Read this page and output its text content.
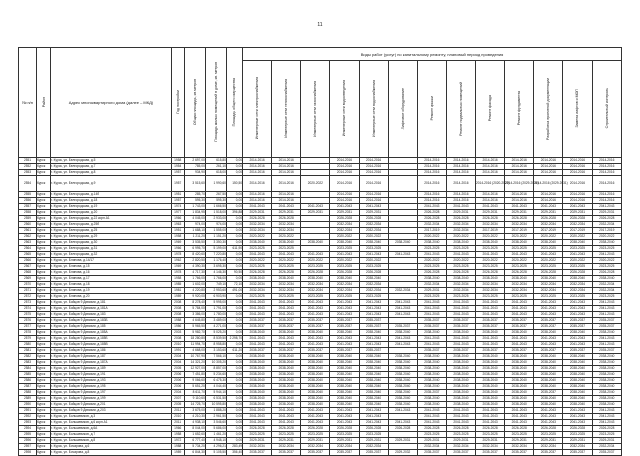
11
№ п/п	Район	Адрес многоквартирного дома (далее – МКД)	Год постройки	Общая площадь, кв.метров	Площадь жилых помещений в доме, кв. метров	Площадь общего имущества	Виды работ (услуг) по капитальному ремонту, плановый период проведения												
							Инженерные сети электроснабжения	Инженерные сети теплоснабжения	Инженерные сети газоснабжения	Инженерные сети водоотведения	Инженерные сети водоснабжения	Лифтовое оборудование	Ремонт крыши	Ремонт подвальных помещений	Ремонт фасада	Ремонт фундамента	Разработка проектной документации	Замена лифтов и МОП	Строительный контроль
2551	Курск	г. Курск, ул. Белгородская, д.5	1958	2 697,00	615,80	0,00	2014-2016	2014-2016		2014-2016	2014-2016		2014-2016	2014-2016	2014-2016	2014-2016	2014-2016	2014-2016	2014-2016
2552	Курск	г. Курск, ул. Белгородская, д.7	1954	785,00	261,10	0,00	2014-2016	2014-2016		2014-2016	2014-2016		2014-2016	2014-2016	2014-2016	2014-2016	2014-2016	2014-2016	2014-2016
2553	Курск	г. Курск, ул. Белгородская, д.8	1957	934,90	618,00	0,00	2014-2016	2014-2016		2014-2016	2014-2016		2014-2016	2014-2016	2014-2016	2014-2016	2014-2016	2014-2016	2014-2016
2554	Курск	г. Курск, ул. Белгородская, д.9	1957	3 515,60	1 990,60	150,50	2014-2016	2014-2016	2020-2022	2014-2016	2014-2016		2014-2016	2014-2016	2014-2016 (2020-2022)	2014-2016 (2029-2031)	2014-2016 (2029-2031)	2014-2016	2014-2016
2555	Курск	г. Курск, ул. Белгородская, д.14б	1951	285,70	267,50	0,00	2014-2016	2014-2016		2014-2016	2014-2016		2014-2016	2014-2016	2014-2016	2014-2016	2014-2016	2014-2016	2014-2016
2556	Курск	г. Курск, ул. Белгородская, д.18	1957	595,30	595,30	0,00	2014-2016	2014-2016		2014-2016	2014-2016		2014-2016	2014-2016	2014-2016	2014-2016	2014-2016	2014-2016	2014-2016
2557	Курск	г. Курск, ул. Белгородская, д.19	1974	1 743,00	1 666,50	0,00	2041-2043	2041-2043	2041-2043	2041-2043	2041-2043		2041-2043	2041-2043	2041-2043	2041-2043	2041-2043	2041-2043	2041-2043
2558	Курск	г. Курск, ул. Белгородская, д.20	1977	1 834,95	1 518,00	396,88	2029-2031	2029-2031	2029-2031	2029-2031	2029-2031		2026-2028	2029-2031	2029-2031	2029-2031	2029-2031	2029-2031	2029-2031
2559	Курск	г. Курск, ул. Белгородская, д.22 корп.А1	1966	4 045,00	2 933,00	0,00	2026-2028	2026-2028		2026-2028	2026-2028		2026-2028	2026-2028	2026-2028	2026-2028	2026-2028	2026-2028	2026-2028
2560	Курск	г. Курск, ул. Белгородская, д.25б	1963	974,00	974,00	0,00	2032-2034	2032-2034		2032-2034	2032-2034		2032-2034	2032-2034	2032-2034	2032-2034	2032-2034	2032-2034	2032-2034
2561	Курск	г. Курск, ул. Белгородская, д.25	1951	1 688,10	1 555,00	0,00	2032-2034	2032-2034		2032-2034	2032-2034		2017-2019	2032-2034	2017-2019	2017-2019	2017-2019	2017-2019	2017-2019
2562	Курск	г. Курск, ул. Белгородская, д.29	1958	1 211,20	1 151,20	0,00	2020-2022	2020-2022		2020-2022	2020-2022		2020-2022	2020-2022	2020-2022	2020-2022	2020-2022	2020-2022	2020-2022
2563	Курск	г. Курск, ул. Белгородская, д.30	1969	3 535,50	3 350,30	0,00	2038-2040	2038-2040	2038-2040	2038-2040	2038-2040	2038-2040	2038-2040	2038-2040	2038-2040	2038-2040	2038-2040	2038-2040	2038-2040
2564	Курск	г. Курск, ул. Белгородская, д.31	1966	6 995,70	5 199,00	611,90	2023-2025	2023-2025		2023-2025	2023-2025		2023-2025	2023-2025	2023-2025	2023-2025	2023-2025	2023-2025	2023-2025
2565	Курск	г. Курск, ул. Белгородская, д.32	1978	8 420,60	7 220,80	0,00	2041-2043	2041-2043	2041-2043	2041-2043	2041-2043	2041-2043	2041-2043	2041-2043	2041-2043	2041-2043	2041-2043	2041-2043	2041-2043
2566	Курск	г. Курск, ул. Блинова, д.14/17	1962	2 820,50	1 176,40	0,00	2020-2022	2020-2022	2020-2022	2020-2022	2020-2022		2020-2022	2020-2022	2020-2022	2020-2022	2020-2022	2020-2022	2020-2022
2567	Курск	г. Курск, ул. Блинова, д.15	1969	4 390,30	3 695,30	0,00	2023-2025	2023-2025	2023-2025	2023-2025	2023-2025		2023-2025	2023-2025	2023-2025	2023-2025	2023-2025	2023-2025	2023-2025
2568	Курск	г. Курск, ул. Блинова, д.16	1978	4 717,30	4 146,30	90,50	2026-2028	2026-2028	2026-2028	2026-2028	2026-2028		2026-2028	2026-2028	2026-2028	2026-2028	2026-2028	2026-2028	2026-2028
2569	Курск	г. Курск, ул. Блинова, д.17	1958	1 766,00	1 766,00	0,00	2038-2040	2038-2040	2038-2040	2038-2040	2038-2040		2038-2040	2038-2040	2038-2040	2038-2040	2038-2040	2038-2040	2038-2040
2570	Курск	г. Курск, ул. Блинова, д.18	1985	1 602,00	749,10	72,10	2032-2034	2032-2034	2032-2034	2032-2034	2032-2034		2032-2034	2032-2034	2032-2034	2032-2034	2032-2034	2032-2034	2032-2034
2571	Курск	г. Курск, ул. Блинова, д.19	1981	4 220,80	2 953,60	491,00	2032-2034	2032-2034	2032-2034	2032-2034	2032-2034	2032-2034	2029-2031	2032-2034	2032-2034	2032-2034	2032-2034	2032-2034	2032-2034
2572	Курск	г. Курск, ул. Блинова, д.20	1989	9 920,00	6 903,90	0,00	2023-2025	2023-2025	2023-2025	2023-2025	2023-2025		2023-2025	2023-2025	2023-2025	2023-2025	2023-2025	2023-2025	2023-2025
2573	Курск	г. Курск, ул. Бойцов 9 Дивизии, д.181	2008	8 278,40	5 995,00	0,00	2041-2043	2041-2043	2041-2043	2041-2043	2041-2043	2041-2043	2041-2043	2041-2043	2041-2043	2041-2043	2041-2043	2041-2043	2041-2043
2574	Курск	г. Курск, ул. Бойцов 9 Дивизии, д.181А	2008	5 784,00	1 791,00	0,00	2041-2043	2041-2043	2041-2043	2041-2043	2041-2043	2041-2043	2041-2043	2041-2043	2041-2043	2041-2043	2041-2043	2041-2043	2041-2043
2575	Курск	г. Курск, ул. Бойцов 9 Дивизии, д.183	2008	3 386,00	1 780,00	0,00	2041-2043	2041-2043	2041-2043	2041-2043	2041-2043	2041-2043	2041-2043	2041-2043	2041-2043	2041-2043	2041-2043	2041-2043	2041-2043
2576	Курск	г. Курск, ул. Бойцов 9 Дивизии, д.183Б	1988	4 645,80	3 489,00	0,00	2035-2037	2035-2037	2035-2037	2035-2037	2035-2037		2035-2037	2035-2037	2035-2037	2035-2037	2035-2037	2035-2037	2035-2037
2577	Курск	г. Курск, ул. Бойцов 9 Дивизии, д.185	1986	5 965,50	4 271,00	0,00	2035-2037	2035-2037	2035-2037	2035-2037	2035-2037	2035-2037	2035-2037	2035-2037	2035-2037	2035-2037	2035-2037	2035-2037	2035-2037
2578	Курск	г. Курск, ул. Бойцов 9 Дивизии, д.185А	2003	5 982,70	5 025,20	0,00	2038-2040	2038-2040	2038-2040	2038-2040	2038-2040	2038-2040	2038-2040	2038-2040	2038-2040	2038-2040	2038-2040	2038-2040	2038-2040
2579	Курск	г. Курск, ул. Бойцов 9 Дивизии, д.185Б	2008	18 280,80	8 539,50	2 298,70	2041-2043	2041-2043	2041-2043	2041-2043	2041-2043	2041-2043	2041-2043	2041-2043	2041-2043	2041-2043	2041-2043	2041-2043	2041-2043
2580	Курск	г. Курск, ул. Бойцов 9 Дивизии, д.185В	2010	11 994,70	8 958,80	0,00	2041-2043	2041-2043	2041-2043	2041-2043	2041-2043	2041-2043	2041-2043	2041-2043	2041-2043	2041-2043	2041-2043	2041-2043	2041-2043
2581	Курск	г. Курск, ул. Бойцов 9 Дивизии, д.186	1991	4 668,00	3 153,60	611,20	2035-2037	2035-2037	2035-2037	2035-2037	2035-2037		2035-2037	2035-2037	2035-2037	2035-2037	2035-2037	2035-2037	2035-2037
2582	Курск	г. Курск, ул. Бойцов 9 Дивизии, д.187	2004	10 767,90	7 566,10	0,00	2038-2040	2038-2040	2038-2040	2038-2040	2038-2040	2038-2040	2038-2040	2038-2040	2038-2040	2038-2040	2038-2040	2038-2040	2038-2040
2583	Курск	г. Курск, ул. Бойцов 9 Дивизии, д.187А	2004	14 321,20	10 305,20	0,00	2038-2040	2038-2040	2038-2040	2038-2040	2038-2040	2038-2040	2038-2040	2038-2040	2038-2040	2038-2040	2038-2040	2038-2040	2038-2040
2584	Курск	г. Курск, ул. Бойцов 9 Дивизии, д.189	2005	12 927,00	8 857,00	0,00	2038-2040	2038-2040	2038-2040	2038-2040	2038-2040	2038-2040	2038-2040	2038-2040	2038-2040	2038-2040	2038-2040	2038-2040	2038-2040
2585	Курск	г. Курск, ул. Бойцов 9 Дивизии, д.191	2006	7 451,80	5 234,60	0,00	2038-2040	2038-2040	2038-2040	2038-2040	2038-2040	2038-2040	2038-2040	2038-2040	2038-2040	2038-2040	2038-2040	2038-2040	2038-2040
2586	Курск	г. Курск, ул. Бойцов 9 Дивизии, д.193	2006	9 066,60	6 475,30	0,00	2038-2040	2038-2040	2038-2040	2038-2040	2038-2040	2038-2040	2038-2040	2038-2040	2038-2040	2038-2040	2038-2040	2038-2040	2038-2040
2587	Курск	г. Курск, ул. Бойцов 9 Дивизии, д.195	2006	5 651,20	4 044,40	0,00	2038-2040	2038-2040	2038-2040	2038-2040	2038-2040	2038-2040	2038-2040	2038-2040	2038-2040	2038-2040	2038-2040	2038-2040	2038-2040
2588	Курск	г. Курск, ул. Бойцов 9 Дивизии, д.197	2004	8 611,70	5 944,10	0,00	2038-2040	2038-2040	2038-2040	2038-2040	2038-2040	2038-2040	2035-2037	2038-2040	2038-2040	2038-2040	2035-2037	2038-2040	2038-2040
2589	Курск	г. Курск, ул. Бойцов 9 Дивизии, д.199	2007	9 110,60	6 531,50	0,00	2038-2040	2038-2040	2038-2040	2038-2040	2038-2040	2038-2040	2038-2040	2038-2040	2038-2040	2038-2040	2038-2040	2038-2040	2038-2040
2590	Курск	г. Курск, ул. Бойцов 9 Дивизии, д.201	2005	14 725,70	10 595,80	0,00	2038-2040	2038-2040	2038-2040	2038-2040	2038-2040	2038-2040	2038-2040	2038-2040	2038-2040	2038-2040	2038-2040	2038-2040	2038-2040
2591	Курск	г. Курск, ул. Бойцов 9 Дивизии, д.203	2011	3 675,00	1 888,20	0,00	2041-2043	2041-2043	2041-2043	2041-2043	2041-2043	2041-2043	2041-2043	2041-2043	2041-2043	2041-2043	2041-2043	2041-2043	2041-2043
2592	Курск	г. Курск, ул. Большевиков, д.3	2010	4 210,30	2 961,50	0,00	2041-2043	2041-2043	2041-2043	2041-2043	2041-2043		2041-2043	2041-2043	2041-2043	2041-2043	2041-2043	2041-2043	2041-2043
2593	Курск	г. Курск, ул. Большевиков, д.6 корп.А1	2011	4 938,10	3 546,60	0,00	2041-2043	2041-2043	2041-2043	2041-2043	2041-2043	2041-2043	2041-2043	2041-2043	2041-2043	2041-2043	2041-2043	2041-2043	2041-2043
2594	Курск	г. Курск, ул. Большевиков, д.6А	1966	8 044,00	5 686,00	0,00	2026-2028	2026-2028	2026-2028	2026-2028	2026-2028	2026-2028	2026-2028	2026-2028	2026-2028	2026-2028	2026-2028	2026-2028	2026-2028
2595	Курск	г. Курск, ул. Большевиков, д.7	1958	1 652,60	1 461,20	0,00	2023-2025	2023-2025	2023-2025	2023-2025	2023-2025		2023-2025	2023-2025	2023-2025	2023-2025	2023-2025	2023-2025	2023-2025
2596	Курск	г. Курск, ул. Большевиков, д.8	1972	6 777,40	4 948,10	0,00	2029-2031	2029-2031	2029-2031	2029-2031	2029-2031	2029-2031	2029-2031	2029-2031	2029-2031	2029-2031	2029-2031	2029-2031	2029-2031
2597	Курск	г. Курск, ул. Бочарова, д.6	1988	5 734,20	4 296,21	283,49	2032-2034	2032-2034	2032-2034	2032-2034	2032-2034		2032-2034	2032-2034	2032-2034	2032-2034	2032-2034	2032-2034	2032-2034
2598	Курск	г. Курск, ул. Бочарова, д.8	1989	6 844,30	5 105,50	356,40	2035-2037	2035-2037	2035-2037	2035-2037	2035-2037	2029-2032	2035-2037	2035-2037	2035-2037	2035-2037	2035-2037	2035-2037	2035-2037
